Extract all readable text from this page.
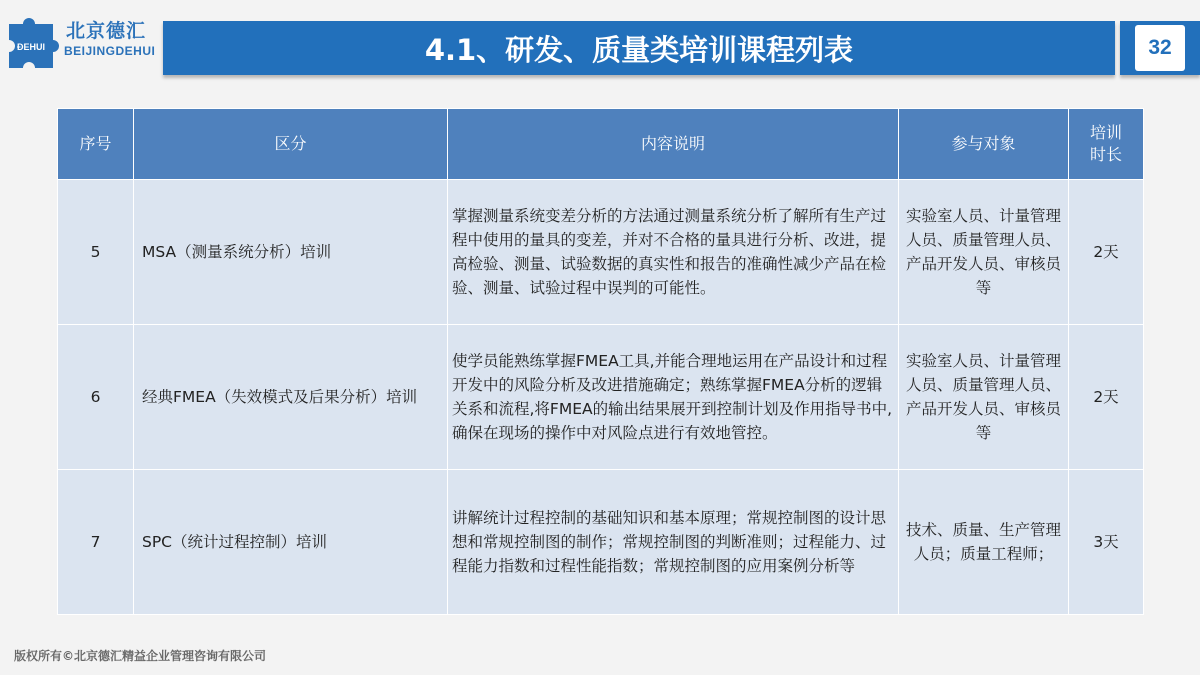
ĐEHUI
北京德汇
BEIJINGDEHUI	4.1、研发、质量类培训课程列表	32
序号	区分	内容说明	参与对象	培训时长
5	MSA（测量系统分析）培训	掌握测量系统变差分析的方法通过测量系统分析了解所有生产过程中使用的量具的变差，并对不合格的量具进行分析、改进，提高检验、测量、试验数据的真实性和报告的准确性减少产品在检验、测量、试验过程中误判的可能性。	实验室人员、计量管理人员、质量管理人员、产品开发人员、审核员等	2天
6	经典FMEA（失效模式及后果分析）培训	使学员能熟练掌握FMEA工具,并能合理地运用在产品设计和过程开发中的风险分析及改进措施确定；熟练掌握FMEA分析的逻辑关系和流程,将FMEA的输出结果展开到控制计划及作用指导书中,确保在现场的操作中对风险点进行有效地管控。	实验室人员、计量管理人员、质量管理人员、产品开发人员、审核员等	2天
7	SPC（统计过程控制）培训	讲解统计过程控制的基础知识和基本原理；常规控制图的设计思想和常规控制图的制作；常规控制图的判断准则；过程能力、过程能力指数和过程性能指数；常规控制图的应用案例分析等	技术、质量、生产管理人员；质量工程师；	3天
版权所有©北京德汇精益企业管理咨询有限公司
